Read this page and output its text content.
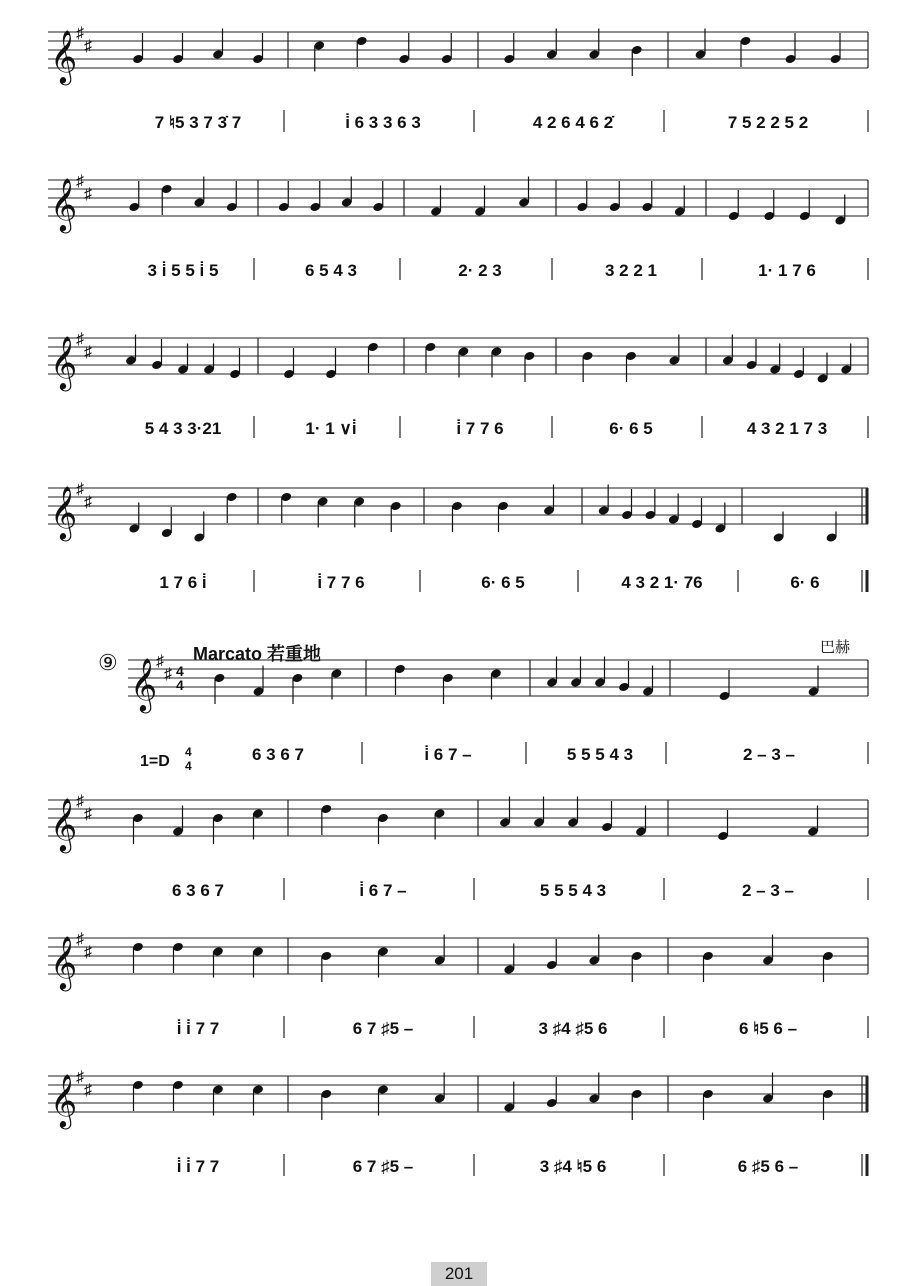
⑨	Marcato 若重地	巴赫
1=D
4
4
4
4
𝄞
♯
♯
7 ♮5 3 7 3̇ 7	i̇ 6 3 3 6 3	4 2 6 4 6 2̇	7 5 2 2 5 2
𝄞
♯
♯
3 i̇ 5 5 i̇ 5	6 5 4 3	2· 2 3	3 2 2 1	1· 1 7 6
𝄞
♯
♯
5 4 3 3·21	1· 1 ∨i̇	i̇ 7 7 6	6· 6 5	4 3 2 1 7 3
𝄞
♯
♯
1 7 6 i̇	i̇ 7 7 6	6· 6 5	4 3 2 1· 76	6· 6
𝄞
♯
♯
6 3 6 7	i̇ 6 7 –	5 5 5 4 3	2 – 3 –
𝄞
♯
♯
6 3 6 7	i̇ 6 7 –	5 5 5 4 3	2 – 3 –
𝄞
♯
♯
i̇ i̇ 7 7	6 7 ♯5 –	3 ♯4 ♯5 6	6 ♮5 6 –
𝄞
♯
♯
i̇ i̇ 7 7	6 7 ♯5 –	3 ♯4 ♮5 6	6 ♯5 6 –
201
